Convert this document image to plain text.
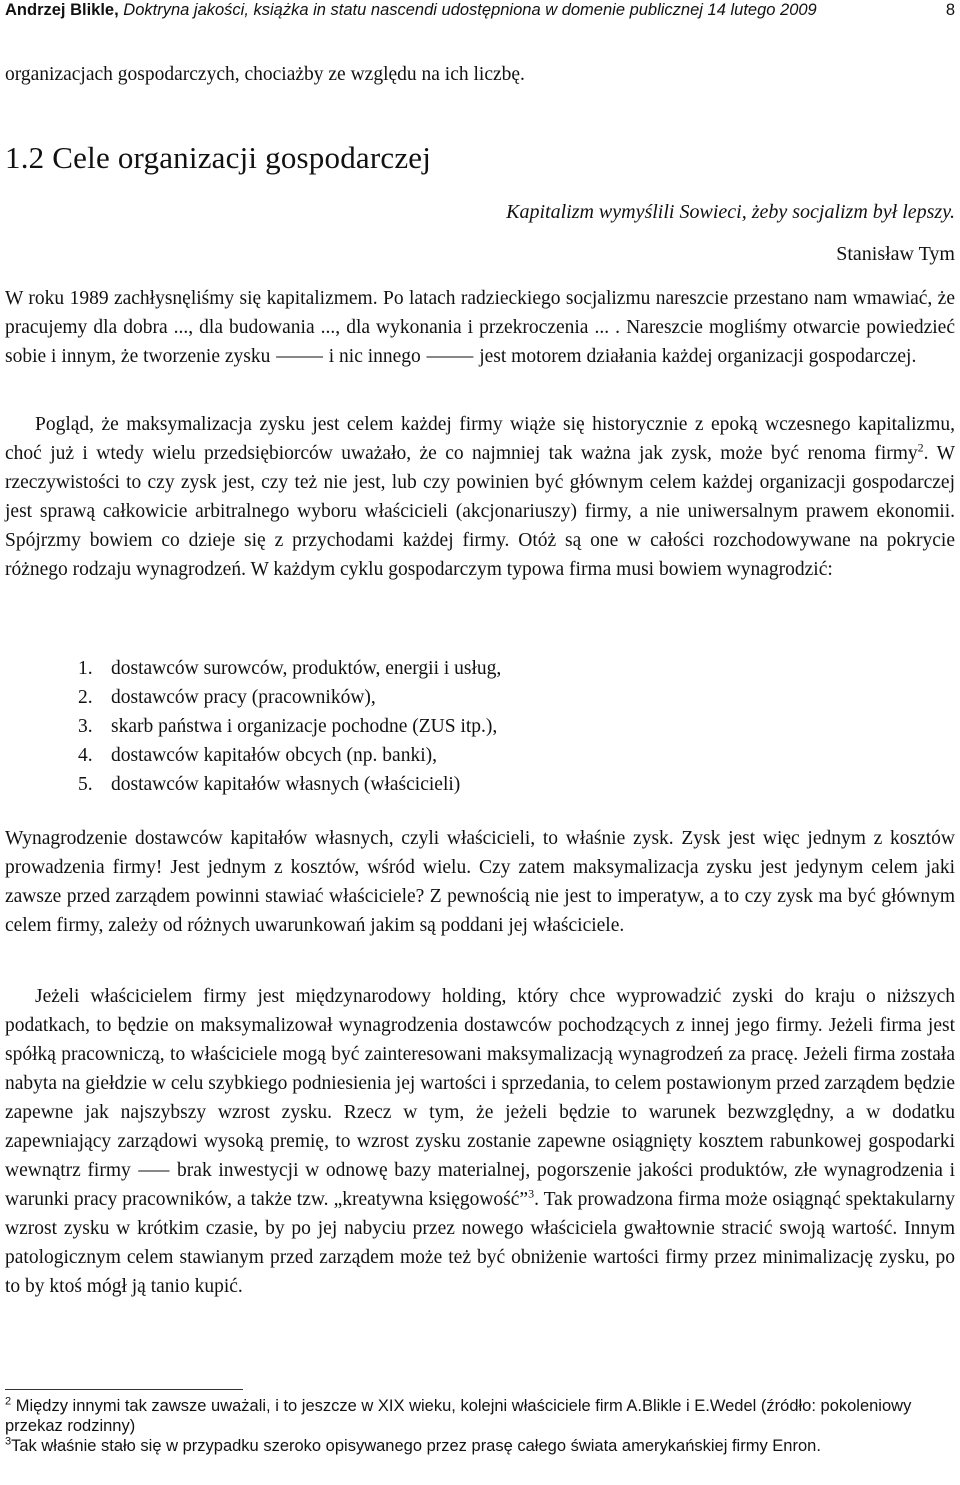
Andrzej Blikle, Doktryna jakości, książka in statu nascendi udostępniona w domenie publicznej 14 lutego 2009	8
organizacjach gospodarczych, chociażby ze względu na ich liczbę.
1.2 Cele organizacji gospodarczej
Kapitalizm wymyślili Sowieci, żeby socjalizm był lepszy.
Stanisław Tym

W roku 1989 zachłysnęliśmy się kapitalizmem. Po latach radzieckiego socjalizmu nareszcie przestano nam wmawiać, że pracujemy dla dobra ..., dla budowania ..., dla wykonania i przekroczenia ... . Nareszcie mogliśmy otwarcie powiedzieć sobie i innym, że tworzenie zysku ⸻ i nic innego ⸻ jest motorem działania każdej organizacji gospodarczej.

Pogląd, że maksymalizacja zysku jest celem każdej firmy wiąże się historycznie z epoką wczesnego kapitalizmu, choć już i wtedy wielu przedsiębiorców uważało, że co najmniej tak ważna jak zysk, może być renoma firmy$^2$. W rzeczywistości to czy zysk jest, czy też nie jest, lub czy powinien być głównym celem każdej organizacji gospodarczej jest sprawą całkowicie arbitralnego wyboru właścicieli (akcjonariuszy) firmy, a nie uniwersalnym prawem ekonomii. Spójrzmy bowiem co dzieje się z przychodami każdej firmy. Otóż są one w całości rozchodowywane na pokrycie różnego rodzaju wynagrodzeń. W każdym cyklu gospodarczym typowa firma musi bowiem wynagrodzić:

1. dostawców surowców, produktów, energii i usług,
2. dostawców pracy (pracowników),
3. skarb państwa i organizacje pochodne (ZUS itp.),
4. dostawców kapitałów obcych (np. banki),
5. dostawców kapitałów własnych (właścicieli)

Wynagrodzenie dostawców kapitałów własnych, czyli właścicieli, to właśnie zysk. Zysk jest więc jednym z kosztów prowadzenia firmy! Jest jednym z kosztów, wśród wielu. Czy zatem maksymalizacja zysku jest jedynym celem jaki zawsze przed zarządem powinni stawiać właściciele? Z pewnością nie jest to imperatyw, a to czy zysk ma być głównym celem firmy, zależy od różnych uwarunkowań jakim są poddani jej właściciele.

Jeżeli właścicielem firmy jest międzynarodowy holding, który chce wyprowadzić zyski do kraju o niższych podatkach, to będzie on maksymalizował wynagrodzenia dostawców pochodzących z innej jego firmy. Jeżeli firma jest spółką pracowniczą, to właściciele mogą być zainteresowani maksymalizacją wynagrodzeń za pracę. Jeżeli firma została nabyta na giełdzie w celu szybkiego podniesienia jej wartości i sprzedania, to celem postawionym przed zarządem będzie zapewne jak najszybszy wzrost zysku. Rzecz w tym, że jeżeli będzie to warunek bezwzględny, a w dodatku zapewniający zarządowi wysoką premię, to wzrost zysku zostanie zapewne osiągnięty kosztem rabunkowej gospodarki wewnątrz firmy ⸺ brak inwestycji w odnowę bazy materialnej, pogorszenie jakości produktów, złe wynagrodzenia i warunki pracy pracowników, a także tzw. „kreatywna księgowość”$^3$. Tak prowadzona firma może osiągnąć spektakularny wzrost zysku w krótkim czasie, by po jej nabyciu przez nowego właściciela gwałtownie stracić swoją wartość. Innym patologicznym celem stawianym przed zarządem może też być obniżenie wartości firmy przez minimalizację zysku, po to by ktoś mógł ją tanio kupić.

$^2$ Między innymi tak zawsze uważali, i to jeszcze w XIX wieku, kolejni właściciele firm A.Blikle i E.Wedel (źródło: pokoleniowy przekaz rodzinny)

$^3$Tak właśnie stało się w przypadku szeroko opisywanego przez prasę całego świata amerykańskiej firmy Enron.
